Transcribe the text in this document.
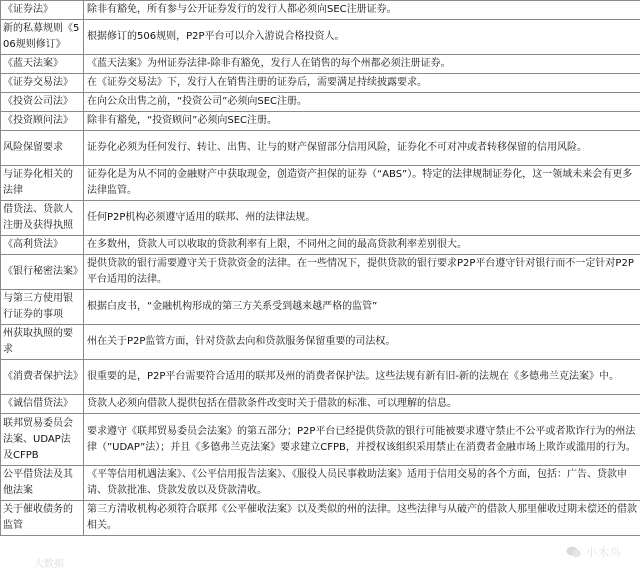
《证券法》	除非有豁免，所有参与公开证券发行的发行人都必须向SEC注册证券。
新的私募规则《506规则修订》	根据修订的506规则，P2P平台可以介入游说合格投资人。
《蓝天法案》	《蓝天法案》为州证券法律-除非有豁免，发行人在销售的每个州都必须注册证券。
《证券交易法》	在《证券交易法》下，发行人在销售注册的证券后，需要满足持续披露要求。
《投资公司法》	在向公众出售之前，“投资公司”必须向SEC注册。
《投资顾问法》	除非有豁免，“投资顾问”必须向SEC注册。
风险保留要求	证券化必须为任何发行、转让、出售、让与的财产保留部分信用风险，证券化不可对冲或者转移保留的信用风险。
与证券化相关的法律	证券化是为从不同的金融财产中获取现金，创造资产担保的证券（“ABS”）。特定的法律规制证券化，这一领域未来会有更多法律监管。
借贷法、贷款人注册及获得执照	任何P2P机构必须遵守适用的联邦、州的法律法规。
《高利贷法》	在多数州，贷款人可以收取的贷款利率有上限，不同州之间的最高贷款利率差别很大。
《银行秘密法案》	提供贷款的银行需要遵守关于贷款资金的法律。在一些情况下，提供贷款的银行要求P2P平台遵守针对银行而不一定针对P2P平台适用的法律。
与第三方使用银行证券的事项	根据白皮书，“金融机构形成的第三方关系受到越来越严格的监管”
州获取执照的要求	州在关于P2P监管方面，针对贷款去向和贷款服务保留重要的司法权。
《消费者保护法》	很重要的是，P2P平台需要符合适用的联邦及州的消费者保护法。这些法规有新有旧-新的法规在《多德弗兰克法案》中。
《诚信借贷法》	贷款人必须向借款人提供包括在借款条件改变时关于借款的标准、可以理解的信息。
联邦贸易委员会法案、UDAP法及CFPB	要求遵守《联邦贸易委员会法案》的第五部分；P2P平台已经提供贷款的银行可能被要求遵守禁止不公平或者欺诈行为的州法律（”UDAP”法）；并且《多德弗兰克法案》要求建立CFPB，并授权该组织采用禁止在消费者金融市场上欺诈或滥用的行为。
公平借贷法及其他法案	《平等信用机遇法案》、《公平信用报告法案》、《服役人员民事救助法案》适用于信用交易的各个方面，包括：广告、贷款申请、贷款批准、贷款发放以及贷款清收。
关于催收债务的监管	第三方清收机构必须符合联邦《公平催收法案》以及类似的州的法律。这些法律与从破产的借款人那里催收过期未偿还的借款相关。
小木鸟
大数据
